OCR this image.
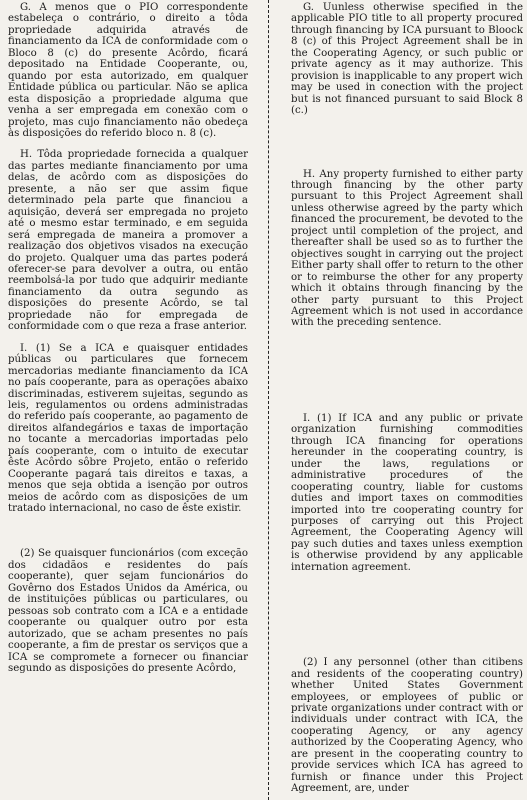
G. A menos que o PIO correspondente estabeleça o contrário, o direito a tôda propriedade adquirida através de financiamento da ICA de conformidade com o Bloco 8 (c) do presente Acôrdo, ficará depositado na Entidade Cooperante, ou, quando por esta autorizado, em qualquer Entidade pública ou particular. Não se aplica esta disposição a propriedade alguma que venha a ser empregada em conexão com o projeto, mas cujo financiamento não obedeça às disposições do referido bloco n. 8 (c).

H. Tôda propriedade fornecida a qualquer das partes mediante financiamento por uma delas, de acôrdo com as disposições do presente, a não ser que assim fique determinado pela parte que financiou a aquisição, deverá ser empregada no projeto até o mesmo estar terminado, e em seguida será empregada de maneira a promover a realização dos objetivos visados na execução do projeto. Qualquer uma das partes poderá oferecer-se para devolver a outra, ou então reembolsá-la por tudo que adquirir mediante financiamento da outra segundo as disposições do presente Acôrdo, se tal propriedade não for empregada de conformidade com o que reza a frase anterior.

I. (1) Se a ICA e quaisquer entidades públicas ou particulares que fornecem mercadorias mediante financiamento da ICA no país cooperante, para as operações abaixo discriminadas, estiverem sujeitas, segundo as leis, regulamentos ou ordens administradas do referido país cooperante, ao pagamento de direitos alfandegários e taxas de importação no tocante a mercadorias importadas pelo país cooperante, com o intuito de executar êste Acôrdo sôbre Projeto, então o referido Cooperante pagará tais direitos e taxas, a menos que seja obtida a isenção por outros meios de acôrdo com as disposições de um tratado internacional, no caso de êste existir.

(2) Se quaisquer funcionários (com exceção dos cidadãos e residentes do país cooperante), quer sejam funcionários do Govêrno dos Estados Unidos da América, ou de instituições públicas ou particulares, ou pessoas sob contrato com a ICA e a entidade cooperante ou qualquer outro por esta autorizado, que se acham presentes no país cooperante, a fim de prestar os serviços que a ICA se compromete a fornecer ou financiar segundo as disposições do presente Acôrdo,

G. Uunless otherwise specified in the applicable PIO title to all property procured through financing by ICA pursuant to Bloock 8 (c) of this Project Agreement shall be in the Cooperating Agency, or such public or private agency as it may authorize. This provision is inapplicable to any propert wich may be used in conection with the project but is not financed pursuant to said Block 8 (c.)

H. Any property furnished to either party through financing by the other party pursuant to this Project Agreement shall unless otherwise agreed by the party which financed the procurement, be devoted to the project until completion of the project, and thereafter shall be used so as to further the objectives sought in carrying out the project Either party shall offer to return to the other or to reimburse the other for any property which it obtains through financing by the other party pursuant to this Project Agreement which is not used in accordance with the preceding sentence.

I. (1) If ICA and any public or private organization furnishing commodities through ICA financing for operations hereunder in the cooperating country, is under the laws, regulations or administrative procedures of the cooperating country, liable for customs duties and import taxes on commodities imported into tre cooperating country for purposes of carrying out this Project Agreement, the Cooperating Agency will pay such duties and taxes unless exemption is otherwise providend by any applicable internation agreement.

(2) I any personnel (other than citibens and residents of the cooperating country) whether United States Government employees, or employees of public or private organizations under contract with or individuals under contract with ICA, the cooperating Agency, or any agency authorized by the Cooperating Agency, who are present in the cooperating country to provide services which ICA has agreed to furnish or finance under this Project Agreement, are, under
